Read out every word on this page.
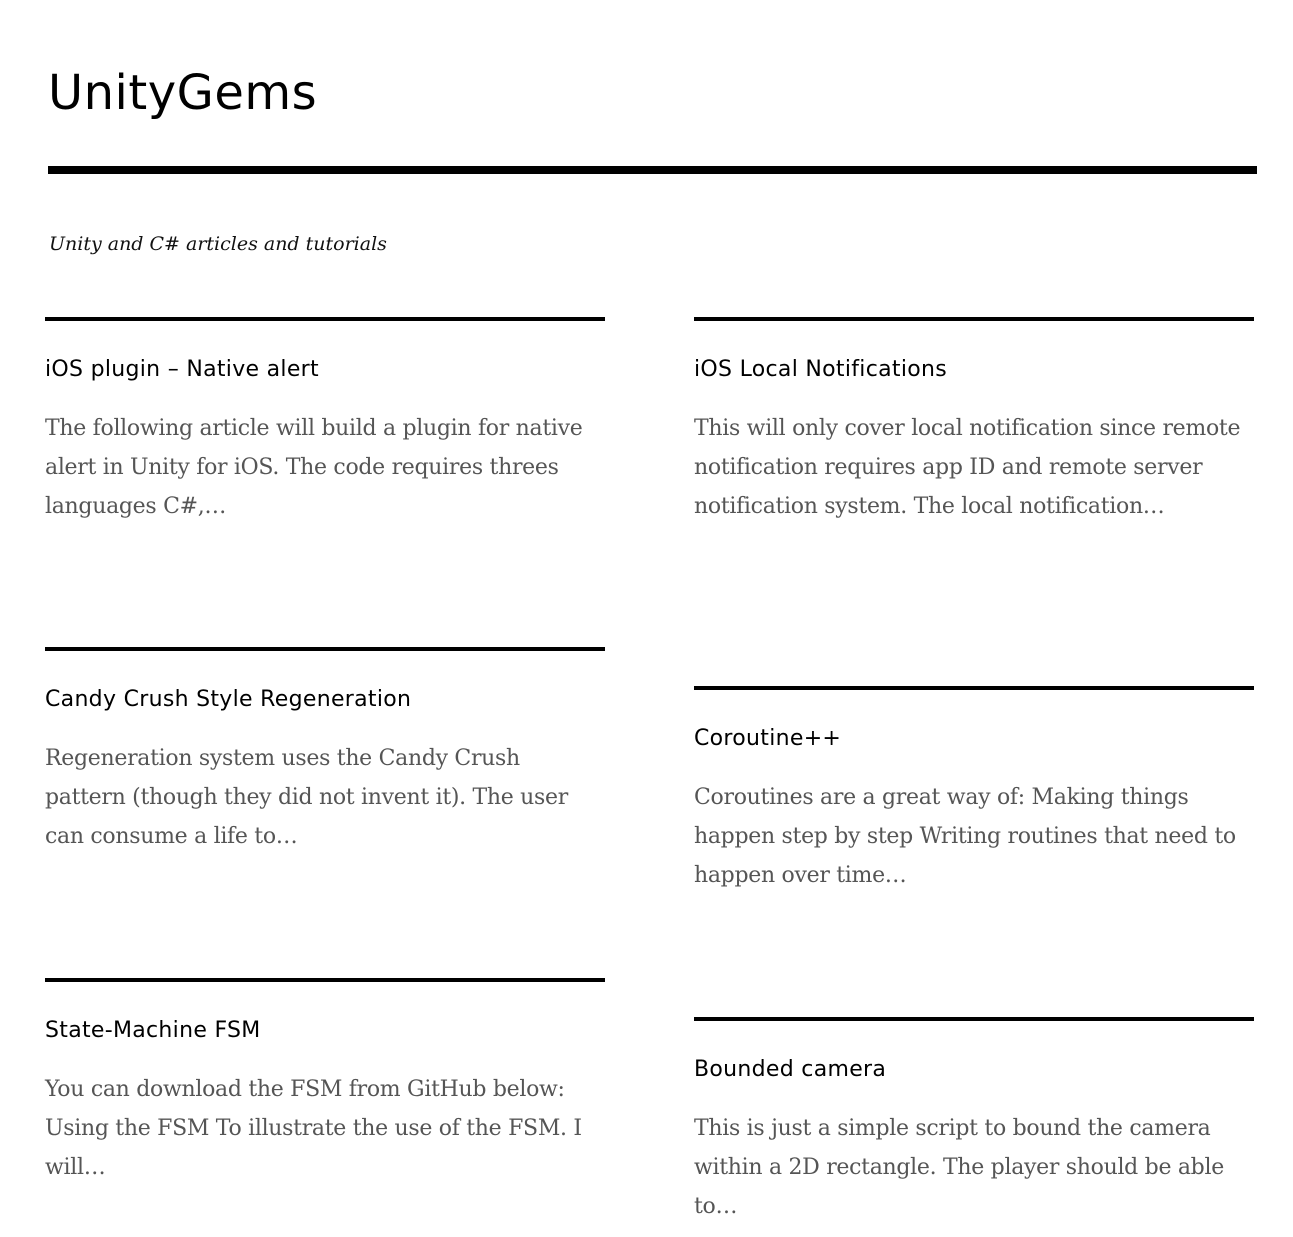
UnityGems

Unity and C# articles and tutorials

iOS plugin – Native alert

The following article will build a plugin for native alert in Unity for iOS. The code requires threes languages C#,…

iOS Local Notifications

This will only cover local notification since remote notification requires app ID and remote server notification system. The local notification…

Candy Crush Style Regeneration

Regeneration system uses the Candy Crush pattern (though they did not invent it). The user can consume a life to…

Coroutine++

Coroutines are a great way of: Making things happen step by step Writing routines that need to happen over time…

State-Machine FSM

You can download the FSM from GitHub below: Using the FSM To illustrate the use of the FSM. I will…

Bounded camera

This is just a simple script to bound the camera within a 2D rectangle. The player should be able to…
